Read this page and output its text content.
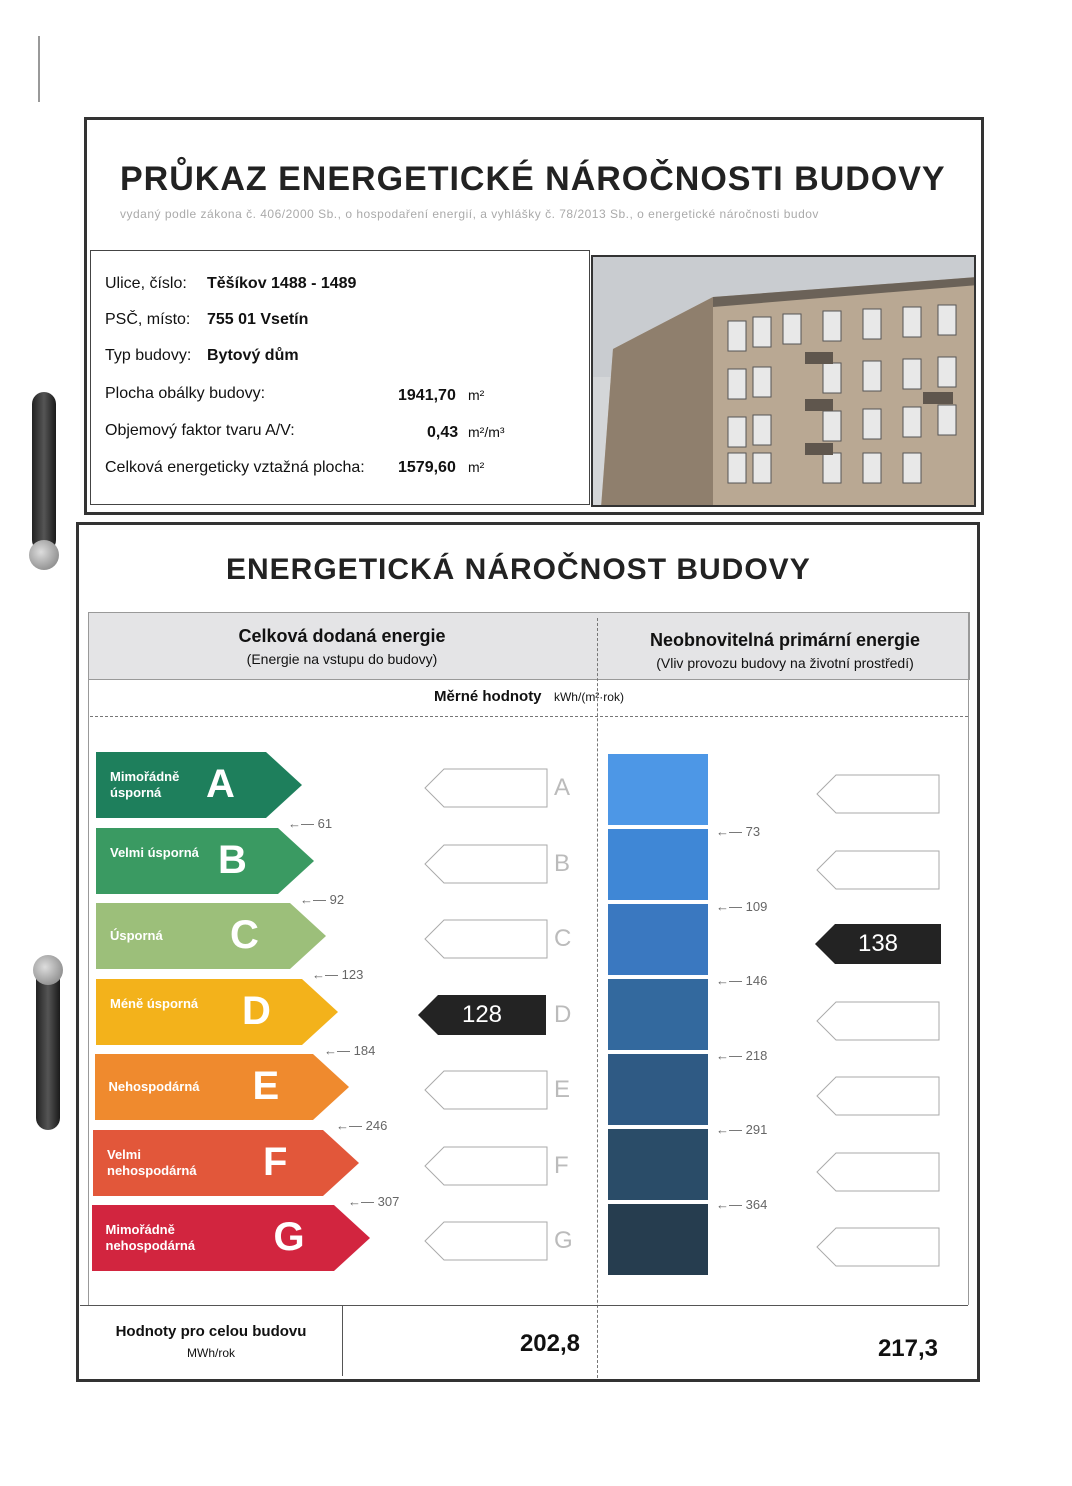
PRŮKAZ ENERGETICKÉ NÁROČNOSTI BUDOVY
vydaný podle zákona č. 406/2000 Sb., o hospodaření energií, a vyhlášky č. 78/2013 Sb., o energetické náročnosti budov
Ulice, číslo: Těšíkov 1488 - 1489
PSČ, místo: 755 01 Vsetín
Typ budovy: Bytový dům
Plocha obálky budovy:	1941,70 m²
Objemový faktor tvaru A/V:	0,43 m²/m³
Celková energeticky vztažná plocha: 1579,60 m²
ENERGETICKÁ NÁROČNOST BUDOVY
Celková dodaná energie
(Energie na vstupu do budovy)
Neobnovitelná primární energie
(Vliv provozu budovy na životní prostředí)
Měrné hodnoty kWh/(m²·rok)
Mimořádně úsporná	A
Velmi úsporná B
Úsporná	C
Méně úsporná	D
Nehospodárná	E
Velmi nehospodárná	F
Mimořádně nehospodárná	G
←— 61
←— 92
←— 123
←— 184
←— 246
←— 307
A
B
C
D
E
F
G
←— 73
←— 109
←— 146
←— 218
←— 291
←— 364
128
138
Hodnoty pro celou budovu
MWh/rok	202,8	217,3
